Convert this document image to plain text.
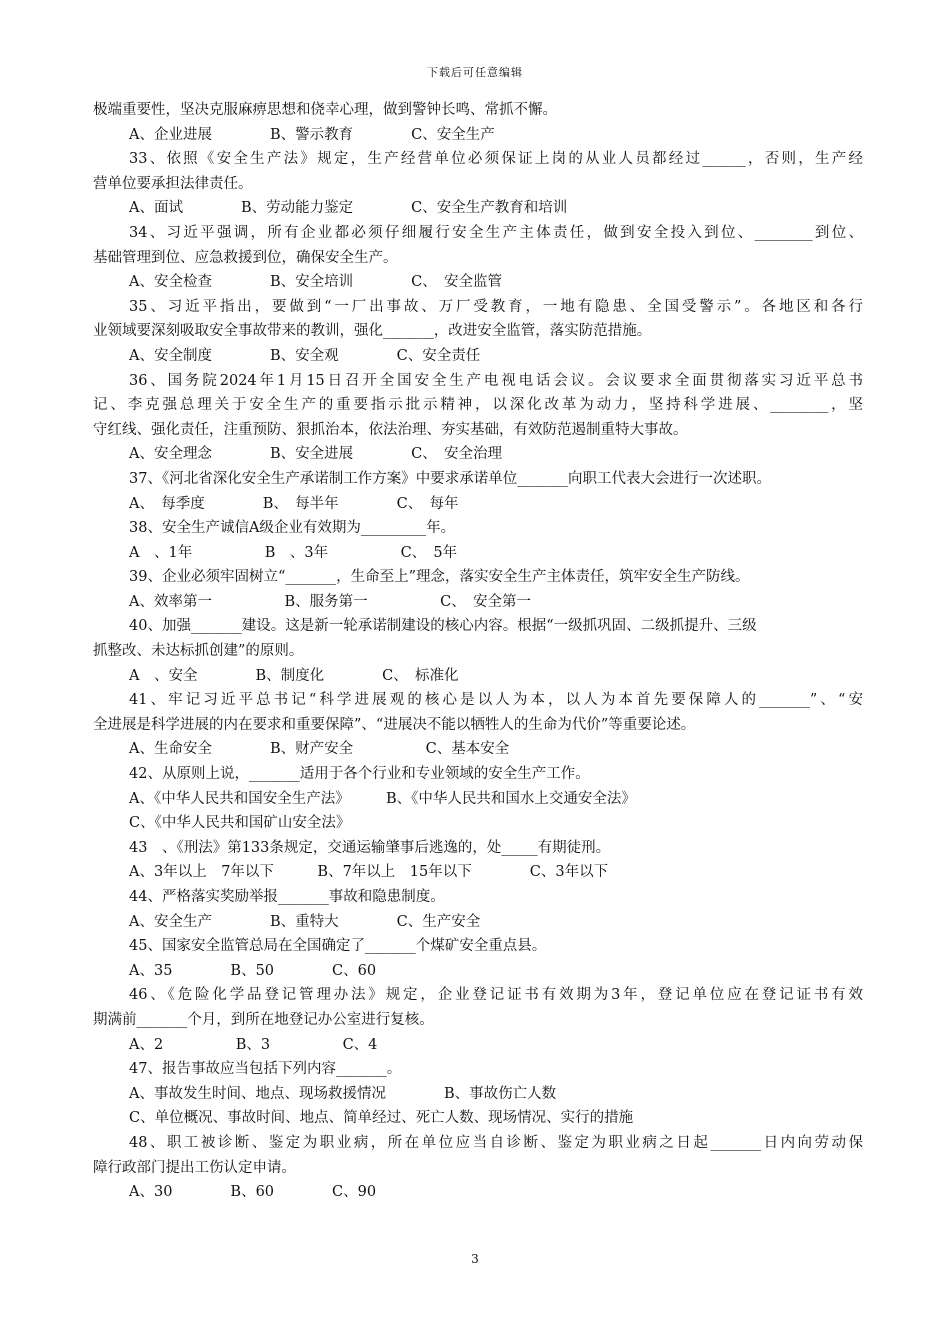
下载后可任意编辑
极端重要性，坚决克服麻痹思想和侥幸心理，做到警钟长鸣、常抓不懈。
A、企业进展　　　　B、警示教育　　　　C、安全生产
33、依照《安全生产法》规定，生产经营单位必须保证上岗的从业人员都经过______，否则，生产经
营单位要承担法律责任。
A、面试　　　　B、劳动能力鉴定　　　　C、安全生产教育和培训
34、习近平强调，所有企业都必须仔细履行安全生产主体责任，做到安全投入到位、________到位、
基础管理到位、应急救援到位，确保安全生产。
A、安全检查　　　　B、安全培训　　　　C、　安全监管
35、习近平指出，要做到“一厂出事故、万厂受教育，一地有隐患、全国受警示”。各地区和各行
业领域要深刻吸取安全事故带来的教训，强化_______，改进安全监管，落实防范措施。
A、安全制度　　　　B、安全观　　　　C、安全责任
36、国务院2024年1月15日召开全国安全生产电视电话会议。会议要求全面贯彻落实习近平总书
记、李克强总理关于安全生产的重要指示批示精神，以深化改革为动力，坚持科学进展、________，坚
守红线、强化责任，注重预防、狠抓治本，依法治理、夯实基础，有效防范遏制重特大事故。
A、安全理念　　　　B、安全进展　　　　C、　安全治理
37、《河北省深化安全生产承诺制工作方案》中要求承诺单位_______向职工代表大会进行一次述职。
A、　每季度　　　　B、　每半年　　　　C、　每年
38、安全生产诚信A级企业有效期为_________年。
A　、1年　　　　　B　、3年　　　　　C、　5年
39、企业必须牢固树立“_______，生命至上”理念，落实安全生产主体责任，筑牢安全生产防线。
A、效率第一　　　　　B、服务第一　　　　　C、　安全第一
40、加强_______建设。这是新一轮承诺制建设的核心内容。根据“一级抓巩固、二级抓提升、三级
抓整改、未达标抓创建”的原则。
A　、安全　　　　B、制度化　　　　C、　标准化
41、牢记习近平总书记“科学进展观的核心是以人为本，以人为本首先要保障人的_______”、“安
全进展是科学进展的内在要求和重要保障”、“进展决不能以牺牲人的生命为代价”等重要论述。
A、生命安全　　　　B、财产安全　　　　　C、基本安全
42、从原则上说，_______适用于各个行业和专业领域的安全生产工作。
A、《中华人民共和国安全生产法》　　　B、《中华人民共和国水上交通安全法》
C、《中华人民共和国矿山安全法》
43　、《刑法》第133条规定，交通运输肇事后逃逸的，处_____有期徒刑。
A、3年以上　7年以下　　　B、7年以上　15年以下　　　　C、3年以下
44、严格落实奖励举报_______事故和隐患制度。
A、安全生产　　　　B、重特大　　　　C、生产安全
45、国家安全监管总局在全国确定了_______个煤矿安全重点县。
A、35　　　　B、50　　　　C、60
46、《危险化学品登记管理办法》规定，企业登记证书有效期为3年，登记单位应在登记证书有效
期满前_______个月，到所在地登记办公室进行复核。
A、2　　　　　B、3　　　　　C、4
47、报告事故应当包括下列内容_______。
A、事故发生时间、地点、现场救援情况　　　　B、事故伤亡人数
C、单位概况、事故时间、地点、简单经过、死亡人数、现场情况、实行的措施
48、职工被诊断、鉴定为职业病，所在单位应当自诊断、鉴定为职业病之日起_______日内向劳动保
障行政部门提出工伤认定申请。
A、30　　　　B、60　　　　C、90
3
